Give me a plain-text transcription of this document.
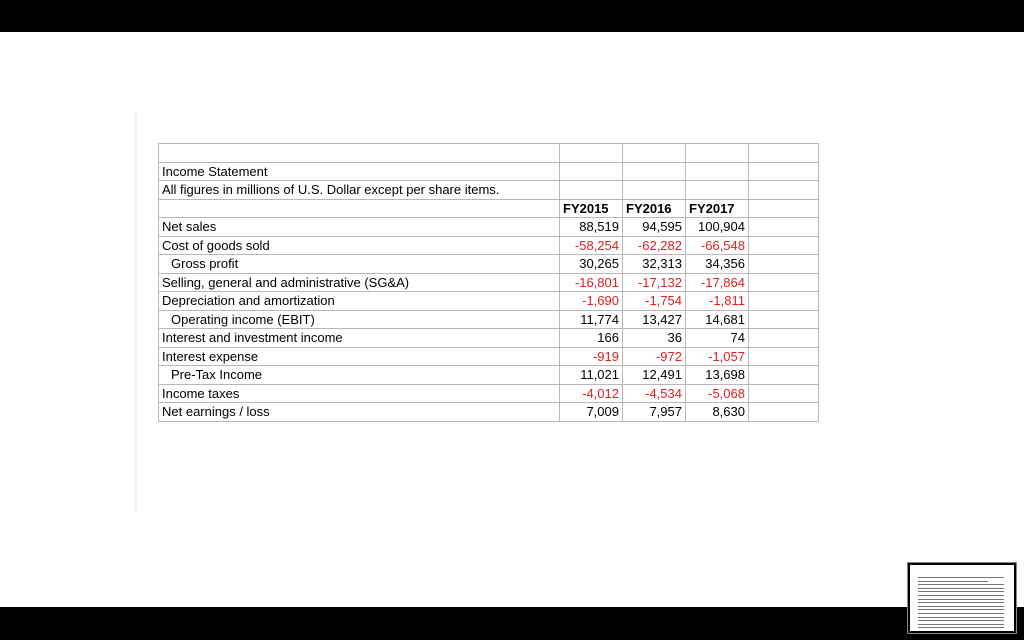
Income Statement				
All figures in millions of U.S. Dollar except per share items.				
	FY2015	FY2016	FY2017	
Net sales	88,519	94,595	100,904	
Cost of goods sold	-58,254	-62,282	-66,548	
Gross profit	30,265	32,313	34,356	
Selling, general and administrative (SG&A)	-16,801	-17,132	-17,864	
Depreciation and amortization	-1,690	-1,754	-1,811	
Operating income (EBIT)	11,774	13,427	14,681	
Interest and investment income	166	36	74	
Interest expense	-919	-972	-1,057	
Pre-Tax Income	11,021	12,491	13,698	
Income taxes	-4,012	-4,534	-5,068	
Net earnings / loss	7,009	7,957	8,630	
